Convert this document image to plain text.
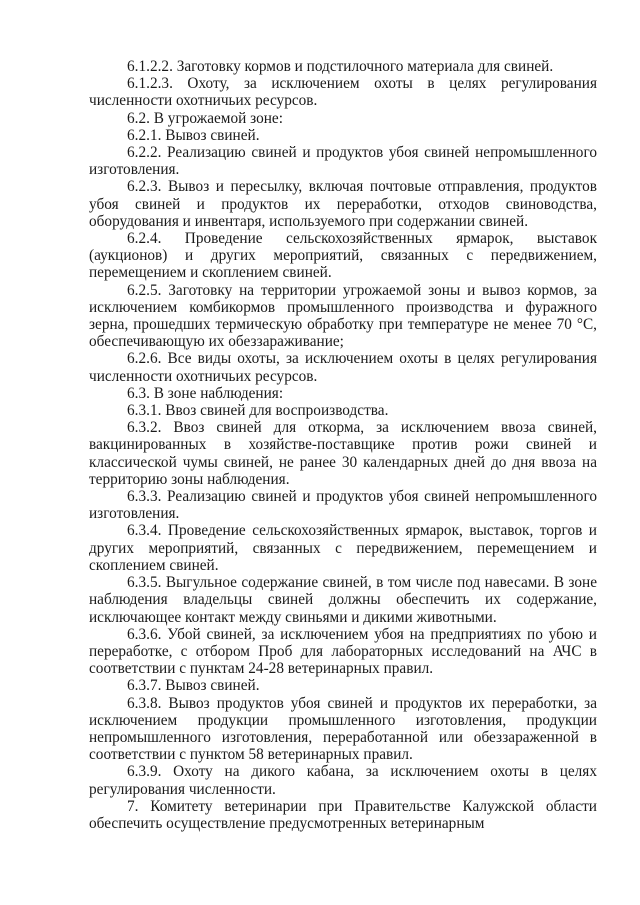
6.1.2.2. Заготовку кормов и подстилочного материала для свиней.

6.1.2.3. Охоту, за исключением охоты в целях регулирования численности охотничьих ресурсов.

6.2. В угрожаемой зоне:

6.2.1. Вывоз свиней.

6.2.2. Реализацию свиней и продуктов убоя свиней непромышленного изготовления.

6.2.3. Вывоз и пересылку, включая почтовые отправления, продуктов убоя свиней и продуктов их переработки, отходов свиноводства, оборудования и инвентаря, используемого при содержании свиней.

6.2.4. Проведение сельскохозяйственных ярмарок, выставок (аукционов) и других мероприятий, связанных с передвижением, перемещением и скоплением свиней.

6.2.5. Заготовку на территории угрожаемой зоны и вывоз кормов, за исключением комбикормов промышленного производства и фуражного зерна, прошедших термическую обработку при температуре не менее 70 °C, обеспечивающую их обеззараживание;

6.2.6. Все виды охоты, за исключением охоты в целях регулирования численности охотничьих ресурсов.

6.3. В зоне наблюдения:

6.3.1. Ввоз свиней для воспроизводства.

6.3.2. Ввоз свиней для откорма, за исключением ввоза свиней, вакцинированных в хозяйстве-поставщике против рожи свиней и классической чумы свиней, не ранее 30 календарных дней до дня ввоза на территорию зоны наблюдения.

6.3.3. Реализацию свиней и продуктов убоя свиней непромышленного изготовления.

6.3.4. Проведение сельскохозяйственных ярмарок, выставок, торгов и других мероприятий, связанных с передвижением, перемещением и скоплением свиней.

6.3.5. Выгульное содержание свиней, в том числе под навесами. В зоне наблюдения владельцы свиней должны обеспечить их содержание, исключающее контакт между свиньями и дикими животными.

6.3.6. Убой свиней, за исключением убоя на предприятиях по убою и переработке, с отбором Проб для лабораторных исследований на АЧС в соответствии с пунктам 24-28 ветеринарных правил.

6.3.7. Вывоз свиней.

6.3.8. Вывоз продуктов убоя свиней и продуктов их переработки, за исключением продукции промышленного изготовления, продукции непромышленного изготовления, переработанной или обеззараженной в соответствии с пунктом 58 ветеринарных правил.

6.3.9. Охоту на дикого кабана, за исключением охоты в целях регулирования численности.

7. Комитету ветеринарии при Правительстве Калужской области обеспечить осуществление предусмотренных ветеринарным
